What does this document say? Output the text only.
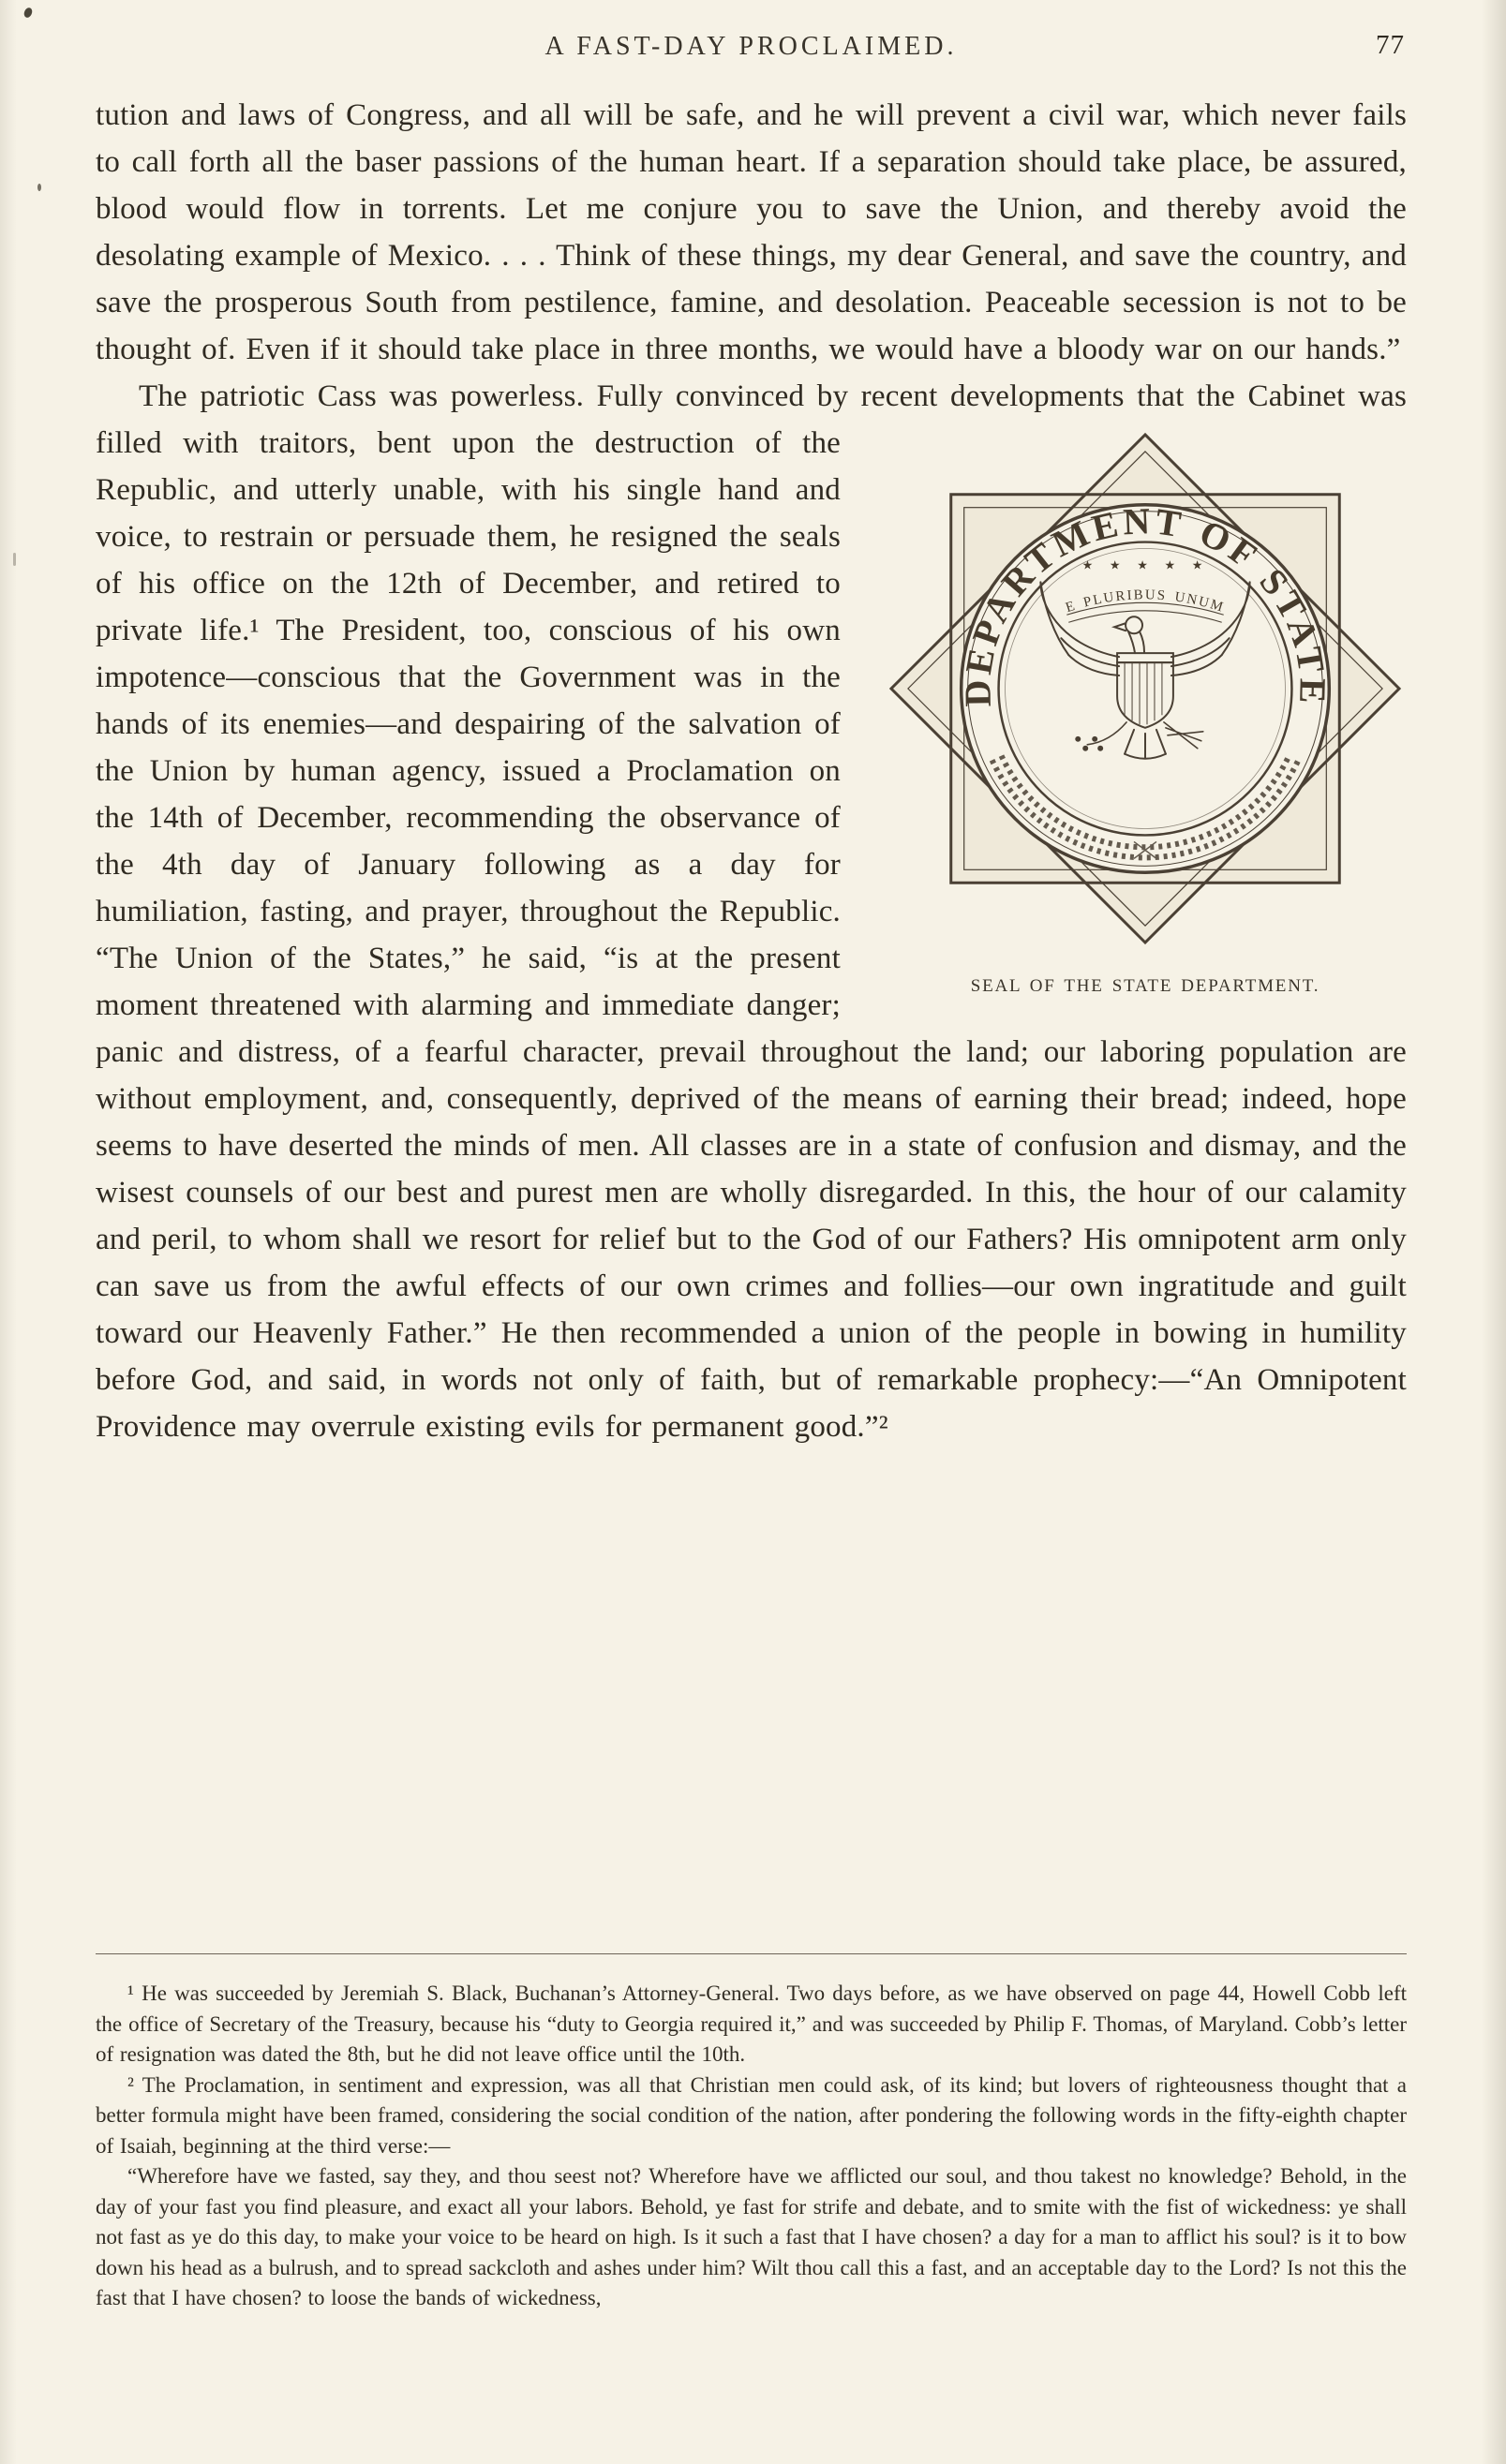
A FAST-DAY PROCLAIMED.	77

tution and laws of Congress, and all will be safe, and he will prevent a civil war, which never fails to call forth all the baser passions of the human heart. If a separation should take place, be assured, blood would flow in torrents. Let me conjure you to save the Union, and thereby avoid the desolating example of Mexico. . . . Think of these things, my dear General, and save the country, and save the prosperous South from pestilence, famine, and desolation. Peaceable secession is not to be thought of. Even if it should take place in three months, we would have a bloody war on our hands.”

The patriotic Cass was powerless. Fully convinced by recent developments that the Cabinet was filled with traitors, bent upon the destruction of
DEPARTMENT OF STATE
★ ★ ★ ★ ★
E PLURIBUS UNUM
SEAL OF THE STATE DEPARTMENT.
the Republic, and utterly unable, with his single hand and voice, to restrain or persuade them, he resigned the seals of his office on the 12th of December, and retired to private life.¹ The President, too, conscious of his own impotence—conscious that the Government was in the hands of its enemies—and despairing of the salvation of the Union by human agency, issued a Proclamation on the 14th of December, recommending the observance of the 4th day of January following as a day for humiliation, fasting, and prayer, throughout the Republic. “The Union of the States,” he said, “is at the present moment threatened with alarming and immediate danger; panic and distress, of a fearful character, prevail throughout the land; our laboring population are without employment, and, consequently, deprived of the means of earning their bread; indeed, hope seems to have deserted the minds of men. All classes are in a state of confusion and dismay, and the wisest counsels of our best and purest men are wholly disregarded. In this, the hour of our calamity and peril, to whom shall we resort for relief but to the God of our Fathers? His omnipotent arm only can save us from the awful effects of our own crimes and follies—our own ingratitude and guilt toward our Heavenly Father.” He then recommended a union of the people in bowing in humility before God, and said, in words not only of faith, but of remarkable prophecy:—“An Omnipotent Providence may overrule existing evils for permanent good.”²

¹ He was succeeded by Jeremiah S. Black, Buchanan’s Attorney-General. Two days before, as we have observed on page 44, Howell Cobb left the office of Secretary of the Treasury, because his “duty to Georgia required it,” and was succeeded by Philip F. Thomas, of Maryland. Cobb’s letter of resignation was dated the 8th, but he did not leave office until the 10th.

² The Proclamation, in sentiment and expression, was all that Christian men could ask, of its kind; but lovers of righteousness thought that a better formula might have been framed, considering the social condition of the nation, after pondering the following words in the fifty-eighth chapter of Isaiah, beginning at the third verse:—

“Wherefore have we fasted, say they, and thou seest not? Wherefore have we afflicted our soul, and thou takest no knowledge? Behold, in the day of your fast you find pleasure, and exact all your labors. Behold, ye fast for strife and debate, and to smite with the fist of wickedness: ye shall not fast as ye do this day, to make your voice to be heard on high. Is it such a fast that I have chosen? a day for a man to afflict his soul? is it to bow down his head as a bulrush, and to spread sackcloth and ashes under him? Wilt thou call this a fast, and an acceptable day to the Lord? Is not this the fast that I have chosen? to loose the bands of wickedness,
